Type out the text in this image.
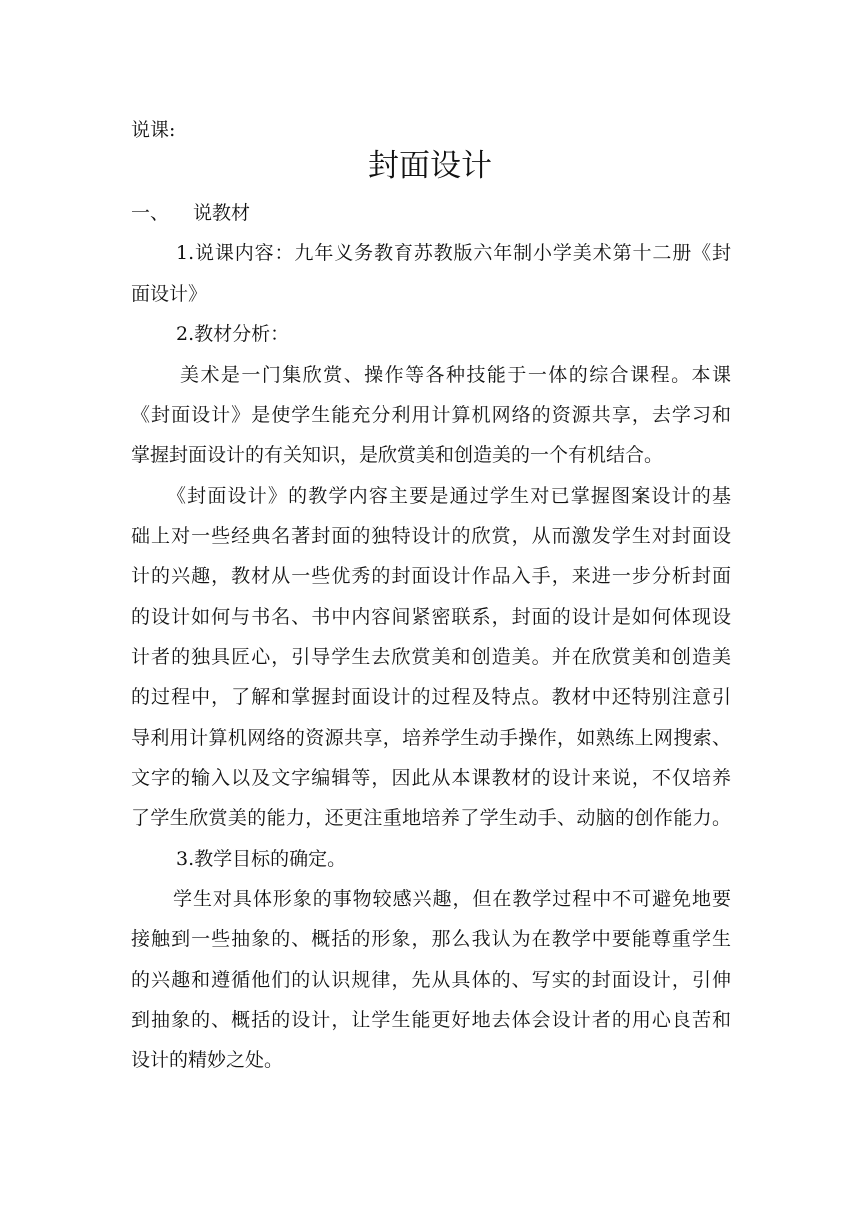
说课:
封面设计
一、 说教材
1.说课内容：九年义务教育苏教版六年制小学美术第十二册《封
面设计》
2.教材分析：
美术是一门集欣赏、操作等各种技能于一体的综合课程。本课
《封面设计》是使学生能充分利用计算机网络的资源共享，去学习和
掌握封面设计的有关知识，是欣赏美和创造美的一个有机结合。
《封面设计》的教学内容主要是通过学生对已掌握图案设计的基
础上对一些经典名著封面的独特设计的欣赏，从而激发学生对封面设
计的兴趣，教材从一些优秀的封面设计作品入手，来进一步分析封面
的设计如何与书名、书中内容间紧密联系，封面的设计是如何体现设
计者的独具匠心，引导学生去欣赏美和创造美。并在欣赏美和创造美
的过程中，了解和掌握封面设计的过程及特点。教材中还特别注意引
导利用计算机网络的资源共享，培养学生动手操作，如熟练上网搜索、
文字的输入以及文字编辑等，因此从本课教材的设计来说，不仅培养
了学生欣赏美的能力，还更注重地培养了学生动手、动脑的创作能力。
3.教学目标的确定。
学生对具体形象的事物较感兴趣，但在教学过程中不可避免地要
接触到一些抽象的、概括的形象，那么我认为在教学中要能尊重学生
的兴趣和遵循他们的认识规律，先从具体的、写实的封面设计，引伸
到抽象的、概括的设计，让学生能更好地去体会设计者的用心良苦和
设计的精妙之处。
